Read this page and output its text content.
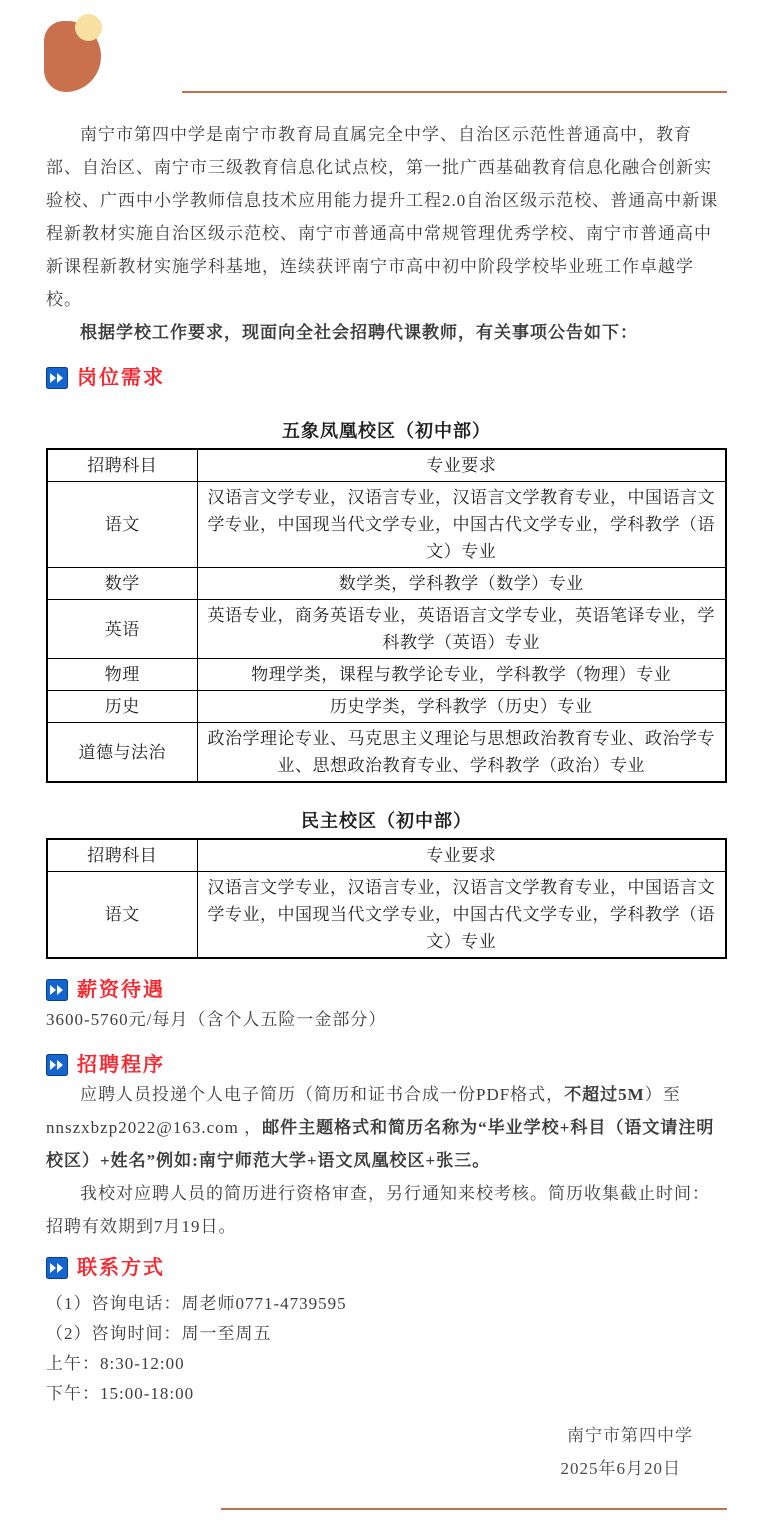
南宁市第四中学是南宁市教育局直属完全中学、自治区示范性普通高中，教育部、自治区、南宁市三级教育信息化试点校，第一批广西基础教育信息化融合创新实验校、广西中小学教师信息技术应用能力提升工程2.0自治区级示范校、普通高中新课程新教材实施自治区级示范校、南宁市普通高中常规管理优秀学校、南宁市普通高中新课程新教材实施学科基地，连续获评南宁市高中初中阶段学校毕业班工作卓越学校。

根据学校工作要求，现面向全社会招聘代课教师，有关事项公告如下：

岗位需求
五象凤凰校区（初中部）
招聘科目	专业要求
语文	汉语言文学专业，汉语言专业，汉语言文学教育专业，中国语言文学专业，中国现当代文学专业，中国古代文学专业，学科教学（语文）专业
数学	数学类，学科教学（数学）专业
英语	英语专业，商务英语专业，英语语言文学专业，英语笔译专业，学科教学（英语）专业
物理	物理学类，课程与教学论专业，学科教学（物理）专业
历史	历史学类，学科教学（历史）专业
道德与法治	政治学理论专业、马克思主义理论与思想政治教育专业、政治学专业、思想政治教育专业、学科教学（政治）专业
民主校区（初中部）
招聘科目	专业要求
语文	汉语言文学专业，汉语言专业，汉语言文学教育专业，中国语言文学专业，中国现当代文学专业，中国古代文学专业，学科教学（语文）专业
薪资待遇

3600-5760元/每月（含个人五险一金部分）

招聘程序

应聘人员投递个人电子简历（简历和证书合成一份PDF格式，不超过5M）至nnszxbzp2022@163.com ，邮件主题格式和简历名称为“毕业学校+科目（语文请注明校区）+姓名”例如:南宁师范大学+语文凤凰校区+张三。

我校对应聘人员的简历进行资格审查，另行通知来校考核。简历收集截止时间：招聘有效期到7月19日。

联系方式

（1）咨询电话：周老师0771-4739595

（2）咨询时间：周一至周五

上午：8:30-12:00

下午：15:00-18:00

南宁市第四中学
2025年6月20日
